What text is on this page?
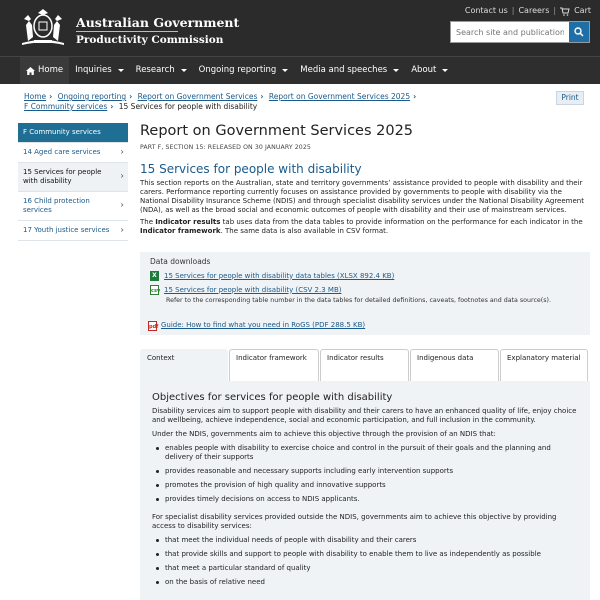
Australian Government
Productivity Commission
Contact us | Careers | Cart
Search site and publications
Home Inquiries	Research	Ongoing reporting	Media and speeches	About
Home › Ongoing reporting › Report on Government Services › Report on Government Services 2025 ›
F Community services › 15 Services for people with disability
Print
F Community services
14 Aged care services ›
15 Services for people with disability	›
16 Child protection services	›
17 Youth justice services ›
Report on Government Services 2025
PART F, SECTION 15: RELEASED ON 30 JANUARY 2025
15 Services for people with disability

This section reports on the Australian, state and territory governments’ assistance provided to people with disability and their carers. Performance reporting currently focuses on assistance provided by governments to people with disability via the National Disability Insurance Scheme (NDIS) and through specialist disability services under the National Disability Agreement (NDA), as well as the broad social and economic outcomes of people with disability and their use of mainstream services.

The Indicator results tab uses data from the data tables to provide information on the performance for each indicator in the Indicator framework. The same data is also available in CSV format.

Data downloads
X	15 Services for people with disability data tables (XLSX 892.4 KB)
csv 15 Services for people with disability (CSV 2.3 MB)
Refer to the corresponding table number in the data tables for detailed definitions, caveats, footnotes and data source(s).
pdf Guide: How to find what you need in RoGS (PDF 288.5 KB)
Context	Indicator framework	Indicator results	Indigenous data	Explanatory material
Objectives for services for people with disability

Disability services aim to support people with disability and their carers to have an enhanced quality of life, enjoy choice and wellbeing, achieve independence, social and economic participation, and full inclusion in the community.

Under the NDIS, governments aim to achieve this objective through the provision of an NDIS that:

enables people with disability to exercise choice and control in the pursuit of their goals and the planning and delivery of their supports
provides reasonable and necessary supports including early intervention supports
promotes the provision of high quality and innovative supports
provides timely decisions on access to NDIS applicants.

For specialist disability services provided outside the NDIS, governments aim to achieve this objective by providing access to disability services:

that meet the individual needs of people with disability and their carers
that provide skills and support to people with disability to enable them to live as independently as possible
that meet a particular standard of quality
on the basis of relative need
